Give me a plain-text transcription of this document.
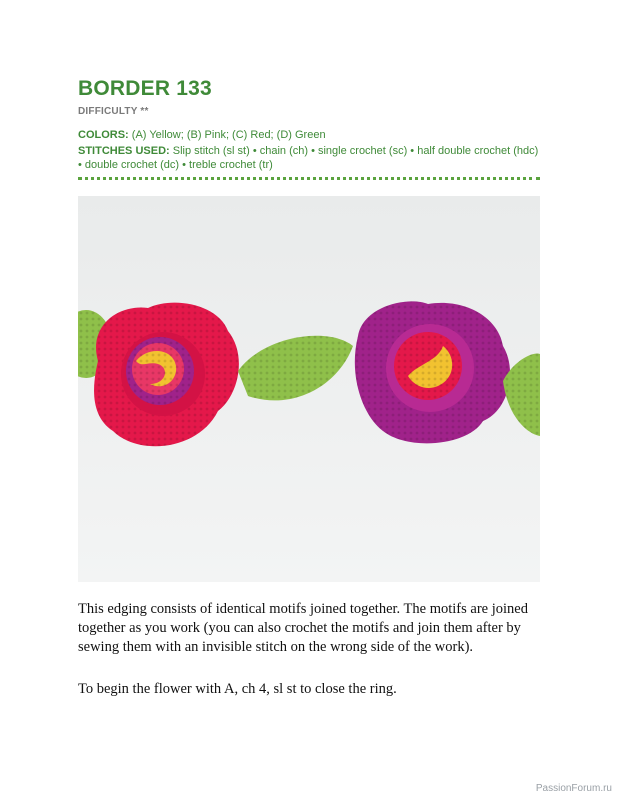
BORDER 133
DIFFICULTY **
COLORS: (A) Yellow; (B) Pink; (C) Red; (D) Green
STITCHES USED: Slip stitch (sl st) • chain (ch) • single crochet (sc) • half double crochet (hdc) • double crochet (dc) • treble crochet (tr)

This edging consists of identical motifs joined together. The motifs are joined together as you work (you can also crochet the motifs and join them after by sewing them with an invisible stitch on the wrong side of the work).

To begin the flower with A, ch 4, sl st to close the ring.

PassionForum.ru
